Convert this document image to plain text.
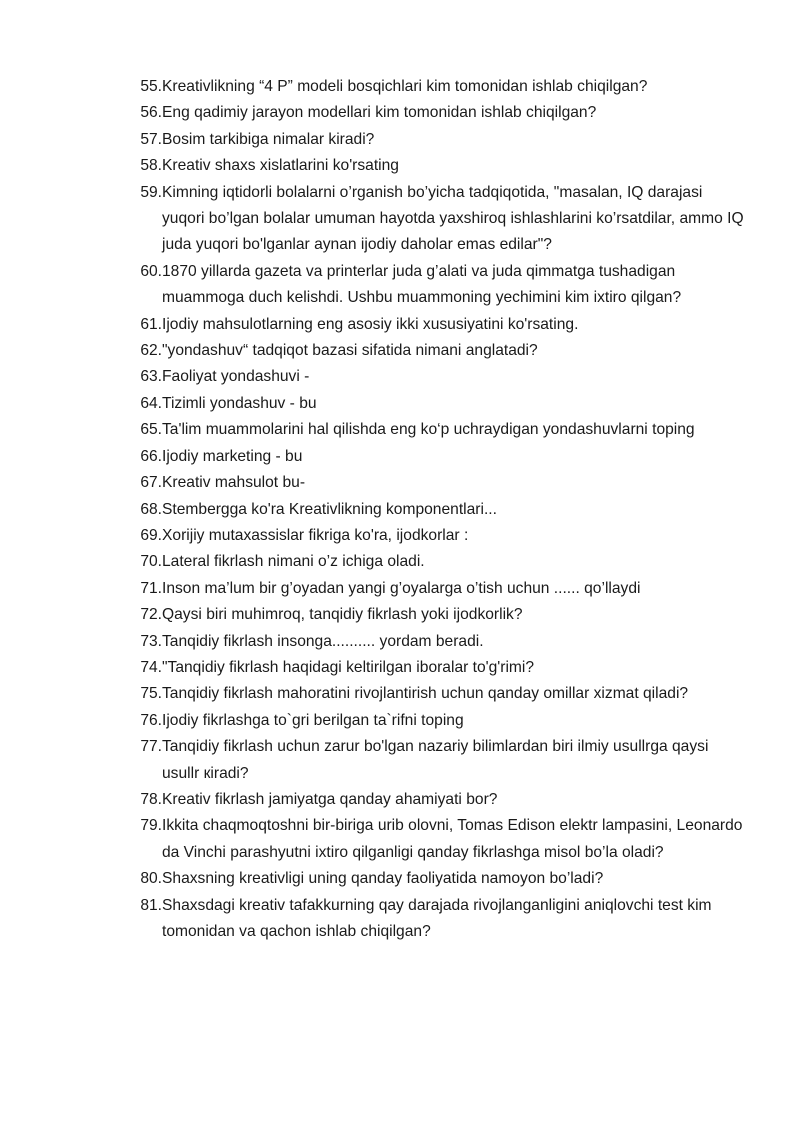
55. Kreativlikning “4 P” modeli bosqichlari kim tomonidan ishlab chiqilgan?
56. Eng qadimiy jarayon modellari kim tomonidan ishlab chiqilgan?
57. Bosim tarkibiga nimalar kiradi?
58. Kreativ shaxs xislatlarini ko'rsating
59. Kimning iqtidorli bolalarni o’rganish bo’yicha tadqiqotida, "masalan, IQ darajasi yuqori bo’lgan bolalar umuman hayotda yaxshiroq ishlashlarini ko’rsatdilar, ammo IQ juda yuqori bo'lganlar aynan ijodiy daholar emas edilar"?
60. 1870 yillarda gazeta va printerlar juda g’alati va juda qimmatga tushadigan muammoga duch kelishdi. Ushbu muammoning yechimini kim ixtiro qilgan?
61. Ijodiy mahsulotlarning eng asosiy ikki xususiyatini ko'rsating.
62. "yondashuv“ tadqiqot bazasi sifatida nimani anglatadi?
63. Faoliyat yondashuvi -
64. Tizimli yondashuv - bu
65. Ta'lim muammolarini hal qilishda eng ko‘p uchraydigan yondashuvlarni toping
66. Ijodiy marketing - bu
67. Kreativ mahsulot bu-
68. Stembergga ko'ra Kreativlikning komponentlari...
69. Xorijiy mutaxassislar fikriga ko'ra, ijodkorlar :
70. Lateral fikrlash nimani o’z ichiga oladi.
71. Inson ma’lum bir g’oyadan yangi g’oyalarga o’tish uchun ...... qo’llaydi
72. Qaysi biri muhimroq, tanqidiy fikrlash yoki ijodkorlik?
73. Tanqidiy fikrlash insonga.......... yordam beradi.
74. "Tanqidiy fikrlash haqidagi keltirilgan iboralar to'g'rimi?
75. Tanqidiy fikrlash mahoratini rivojlantirish uchun qanday omillar xizmat qiladi?
76. Ijodiy fikrlashga to`gri berilgan ta`rifni toping
77. Tanqidiy fikrlash uchun zarur bo'lgan nazariy bilimlardan biri ilmiy usullrga qaysi usullr кiradi?
78. Kreativ fikrlash jamiyatga qanday ahamiyati bor?
79. Ikkita chaqmoqtoshni bir-biriga urib olovni, Tomas Edison elektr lampasini, Leonardo da Vinchi parashyutni ixtiro qilganligi qanday fikrlashga misol bo’la oladi?
80. Shaxsning kreativligi uning qanday faoliyatida namoyon bo’ladi?
81. Shaxsdagi kreativ tafakkurning qay darajada rivojlanganligini aniqlovchi test kim tomonidan va qachon ishlab chiqilgan?
